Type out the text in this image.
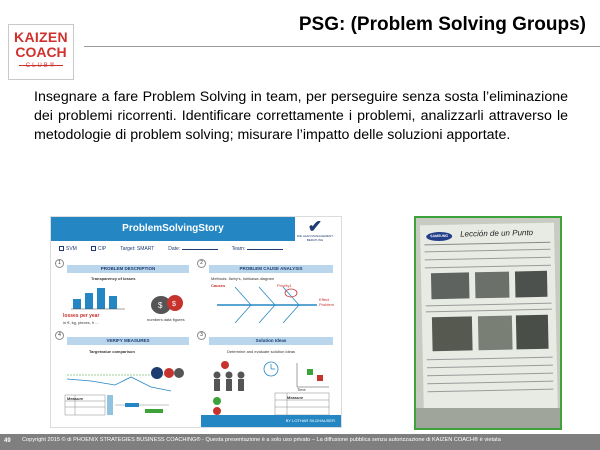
KAIZEN
COACH
CLUB®
PSG: (Problem Solving Groups)

Insegnare a fare Problem Solving in team, per perseguire senza sosta l’eliminazione dei problemi ricorrenti. Identificare correttamente i problemi, analizzarli attraverso le metodologie di problem solving; misurare l’impatto delle soluzioni apportate.

ProblemSolvingStory	✔
DIE LEAN MANAGEMENT BERATUNG
SVM	CIP	Target: SMART	Date:	Team:
1
PROBLEM DESCRIPTION
Transparency of losses
losses per year
in €, kg, pieces, h ...
$ $
numbers data figures
2
PROBLEM CAUSE ANALYSIS
Methods: 5why's, Ishikawa diagram
Causes	Priority1
Effect
Problem
4
VERIFY MEASURES
Targetvalue comparison
Measure
3
Solution Ideas
Determine and evaluate solution ideas
Time
Measure
BY LOTHAR SILDHAUSER
SAMSUNG	Lección de un Punto
49 Copyright 2015 © di PHOENIX STRATEGIES BUSINESS COACHING® - Questa presentazione è a solo uso privato – La diffusione pubblica senza autorizzazione di KAIZEN COACH® è vietata
